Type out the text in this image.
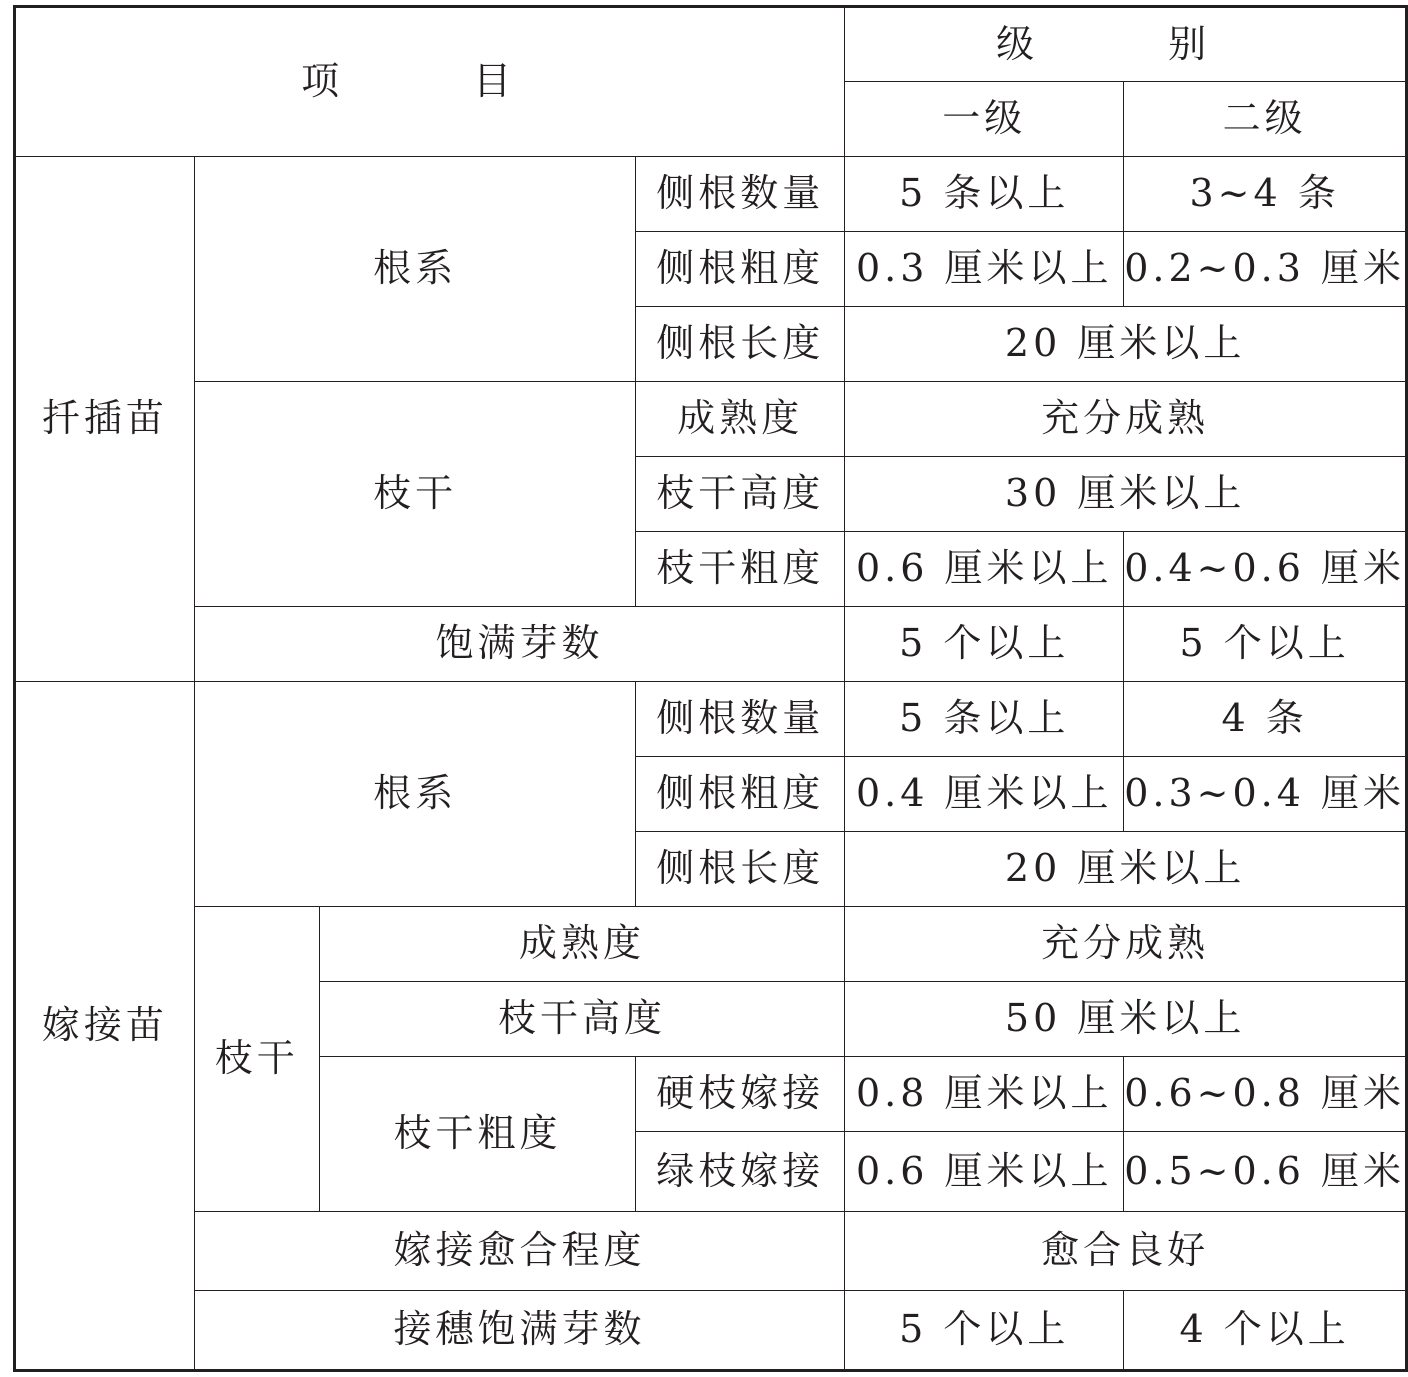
项　目				级　别	
				一级	二级
扦插苗	根系		侧根数量	5 条以上	3~4 条
			侧根粗度	0.3 厘米以上	0.2~0.3 厘米
			侧根长度	20 厘米以上	
	枝干		成熟度	充分成熟	
			枝干高度	30 厘米以上	
			枝干粗度	0.6 厘米以上	0.4~0.6 厘米
	饱满芽数			5 个以上	5 个以上
嫁接苗	根系		侧根数量	5 条以上	4 条
			侧根粗度	0.4 厘米以上	0.3~0.4 厘米
			侧根长度	20 厘米以上	
	枝干	成熟度		充分成熟	
		枝干高度		50 厘米以上	
		枝干粗度	硬枝嫁接	0.8 厘米以上	0.6~0.8 厘米
			绿枝嫁接	0.6 厘米以上	0.5~0.6 厘米
	嫁接愈合程度			愈合良好	
	接穗饱满芽数			5 个以上	4 个以上
